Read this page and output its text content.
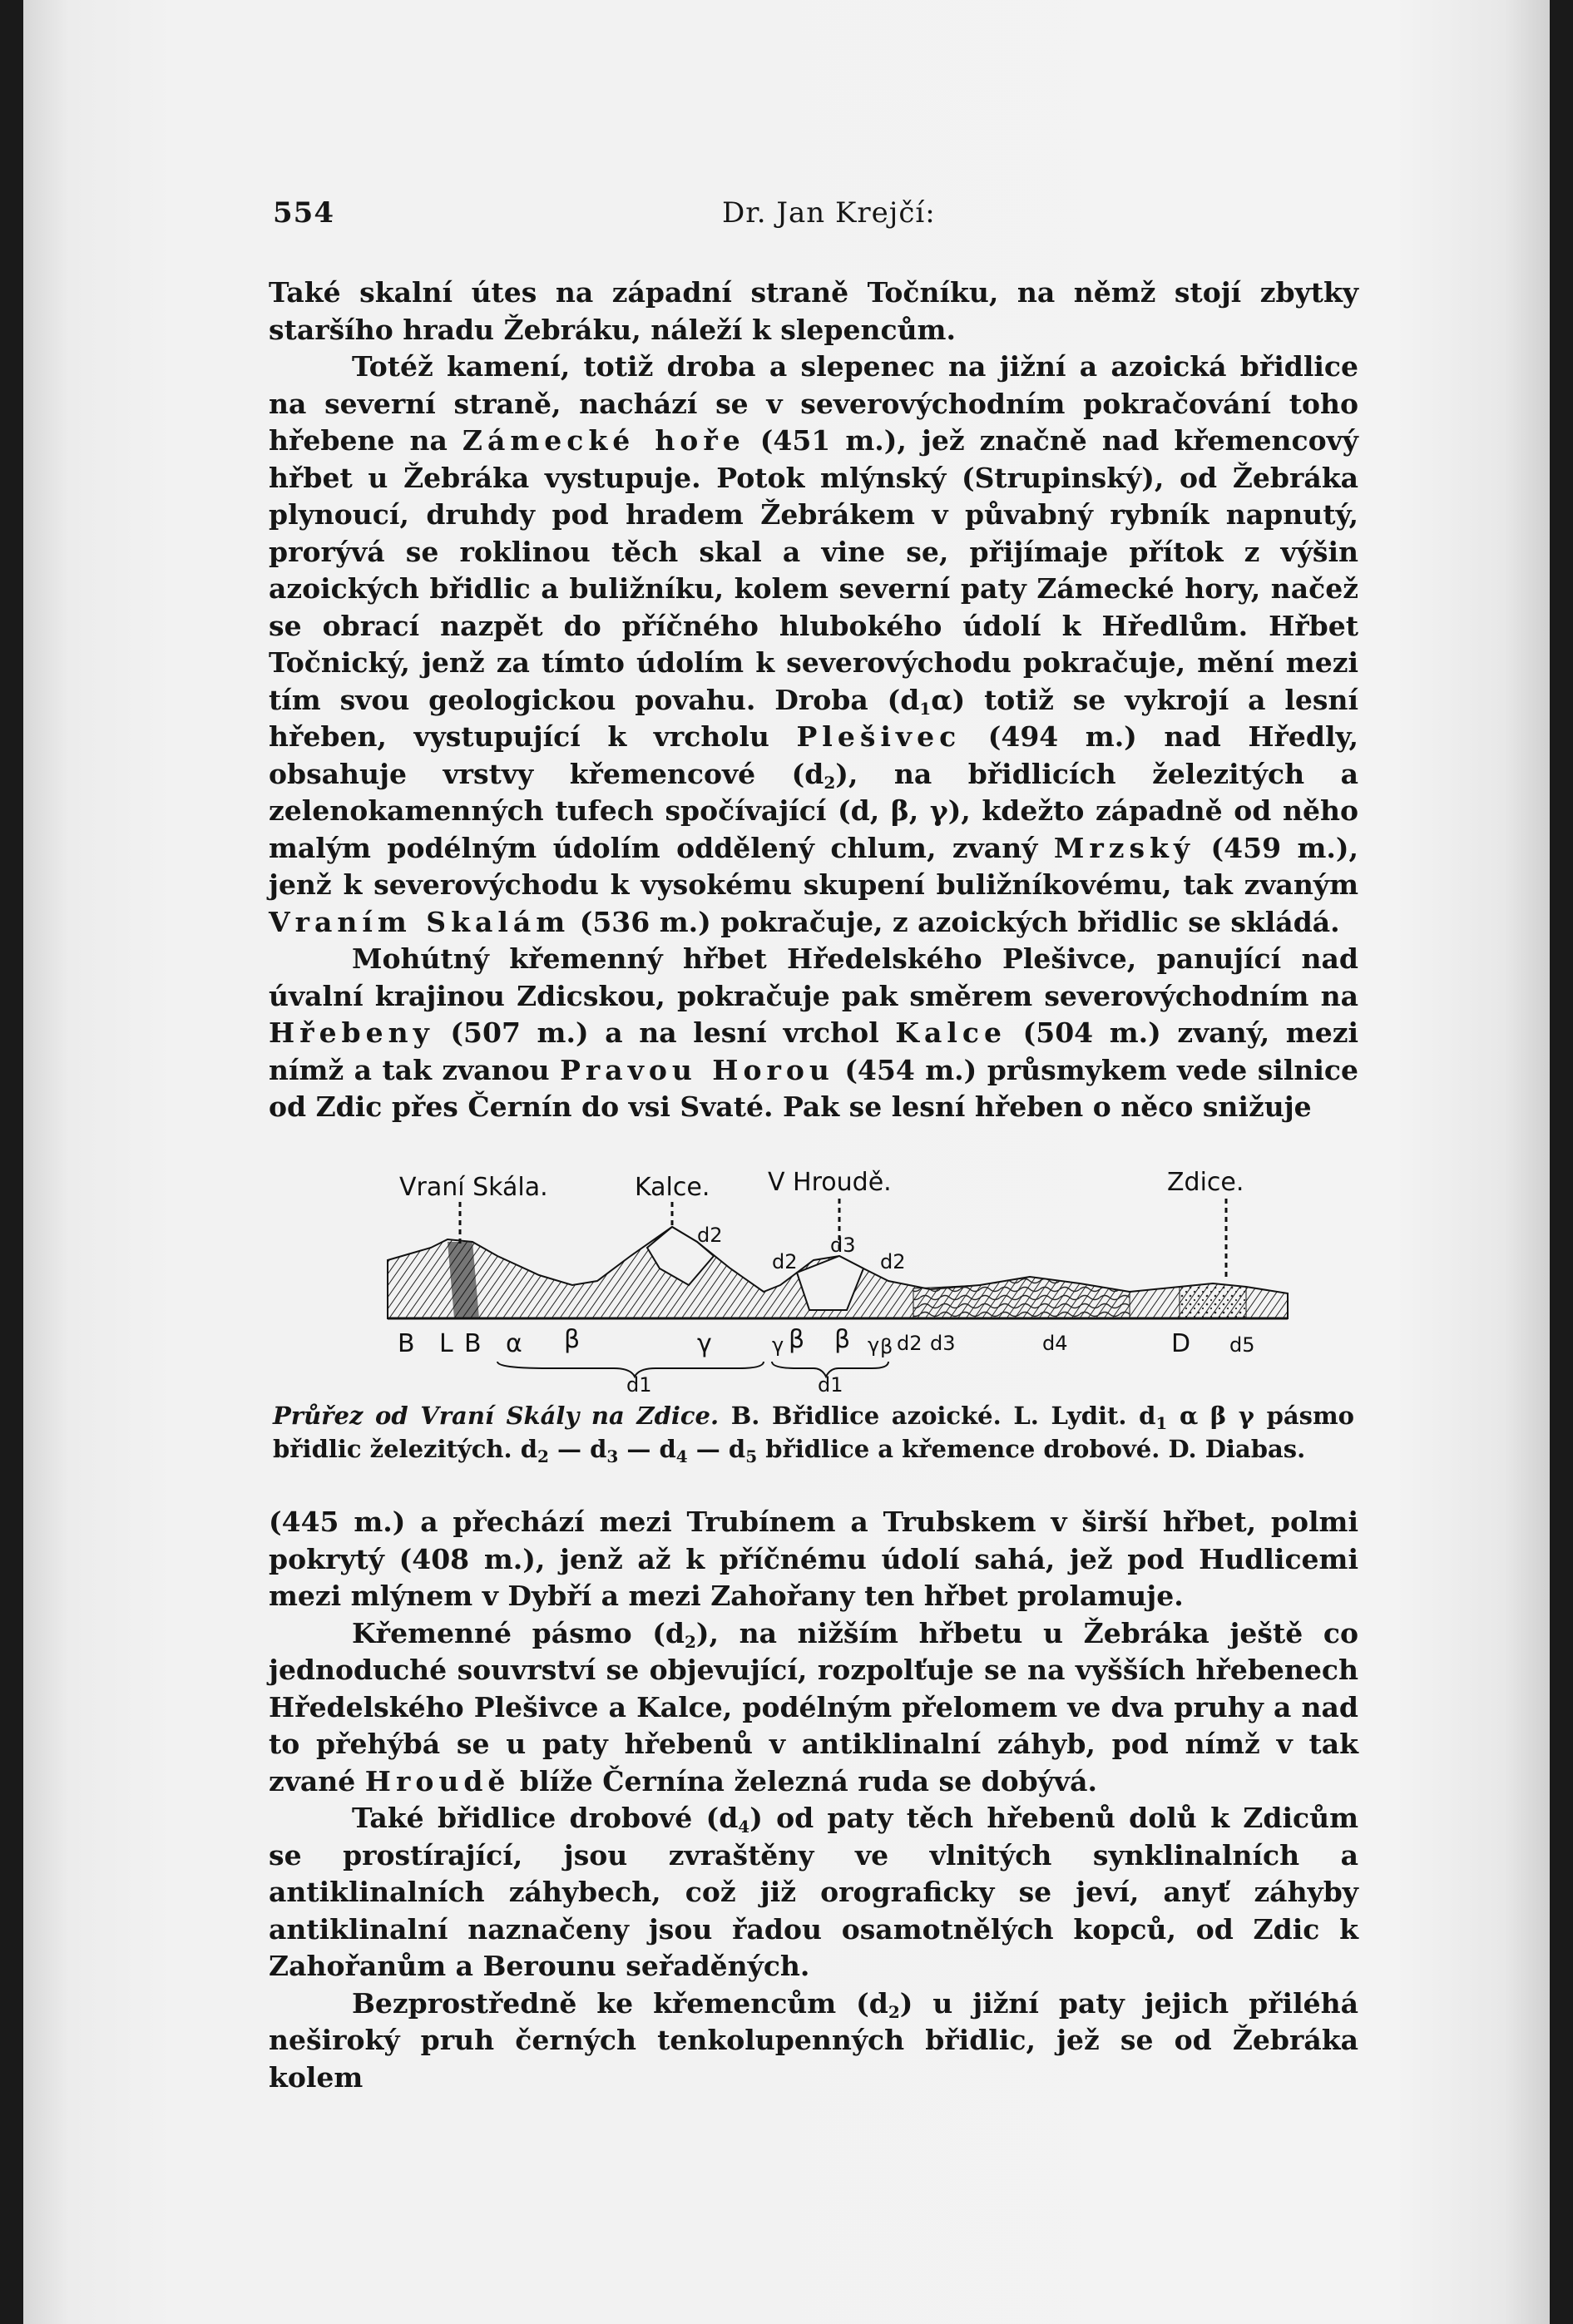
554	Dr. Jan Krejčí:

Také skalní útes na západní straně Točníku, na němž stojí zbytky staršího hradu Žebráku, náleží k slepencům.

Totéž kamení, totiž droba a slepenec na jižní a azoická břidlice na severní straně, nachází se v severovýchodním pokračování toho hřebene na Zámecké hoře (451 m.), jež značně nad křemencový hřbet u Žebráka vystupuje. Potok mlýnský (Strupinský), od Žebráka plynoucí, druhdy pod hradem Žebrákem v půvabný rybník napnutý, prorývá se roklinou těch skal a vine se, přijímaje přítok z výšin azoických břidlic a buližníku, kolem severní paty Zámecké hory, načež se obrací nazpět do příčného hlubokého údolí k Hředlům. Hřbet Točnický, jenž za tímto údolím k severovýchodu pokračuje, mění mezi tím svou geologickou povahu. Droba $(d_1\alpha)$ totiž se vykrojí a lesní hřeben, vystupující k vrcholu Plešivec (494 m.) nad Hředly, obsahuje vrstvy křemencové $(d_2)$, na břidlicích železitých a zelenokamenných tufech spočívající (d, β, γ), kdežto západně od něho malým podélným údolím oddělený chlum, zvaný Mrzský (459 m.), jenž k severovýchodu k vysokému skupení buližníkovému, tak zvaným Vraním Skalám (536 m.) pokračuje, z azoických břidlic se skládá.

Mohútný křemenný hřbet Hředelského Plešivce, panující nad úvalní krajinou Zdicskou, pokračuje pak směrem severovýchodním na Hřebeny (507 m.) a na lesní vrchol Kalce (504 m.) zvaný, mezi nímž a tak zvanou Pravou Horou (454 m.) průsmykem vede silnice od Zdic přes Černín do vsi Svaté. Pak se lesní hřeben o něco snižuje

Vraní Skála.	Kalce. V Hroudě.	Zdice.
d2
d2
d3
d2
B L B α β	γ	γ β β γ β d2 d3	d4	D d5
d1	d1
Průřez od Vraní Skály na Zdice. B. Břidlice azoické. L. Lydit. $d_1$ α β γ pásmo břidlic železitých. $d_2$ — $d_3$ — $d_4$ — $d_5$ břidlice a křemence drobové. D. Diabas.

(445 m.) a přechází mezi Trubínem a Trubskem v širší hřbet, polmi pokrytý (408 m.), jenž až k příčnému údolí sahá, jež pod Hudlicemi mezi mlýnem v Dybří a mezi Zahořany ten hřbet prolamuje.

Křemenné pásmo $(d_2)$, na nižším hřbetu u Žebráka ještě co jednoduché souvrství se objevující, rozpolťuje se na vyšších hřebenech Hředelského Plešivce a Kalce, podélným přelomem ve dva pruhy a nad to přehýbá se u paty hřebenů v antiklinalní záhyb, pod nímž v tak zvané Hroudě blíže Černína železná ruda se dobývá.

Také břidlice drobové $(d_4)$ od paty těch hřebenů dolů k Zdicům se prostírající, jsou zvraštěny ve vlnitých synklinalních a antiklinalních záhybech, což již orograficky se jeví, anyť záhyby antiklinalní naznačeny jsou řadou osamotnělých kopců, od Zdic k Zahořanům a Berounu seřaděných.

Bezprostředně ke křemencům $(d_2)$ u jižní paty jejich přiléhá neširoký pruh černých tenkolupenných břidlic, jež se od Žebráka kolem
